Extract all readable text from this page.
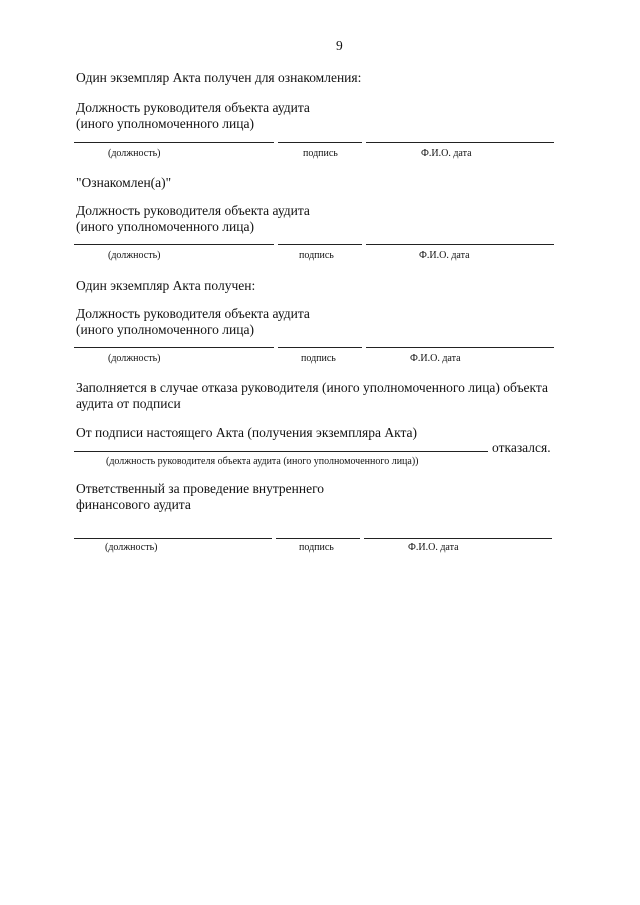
9
Один экземпляр Акта получен для ознакомления:
Должность руководителя объекта аудита
(иного уполномоченного лица)
(должность)	подпись	Ф.И.О. дата
"Ознакомлен(а)"
Должность руководителя объекта аудита
(иного уполномоченного лица)
(должность)	подпись	Ф.И.О. дата
Один экземпляр Акта получен:
Должность руководителя объекта аудита
(иного уполномоченного лица)
(должность)	подпись	Ф.И.О. дата
Заполняется в случае отказа руководителя (иного уполномоченного лица) объекта
аудита от подписи
От подписи настоящего Акта (получения экземпляра Акта)
отказался.
(должность руководителя объекта аудита (иного уполномоченного лица))
Ответственный за проведение внутреннего
финансового аудита
(должность)	подпись	Ф.И.О. дата
